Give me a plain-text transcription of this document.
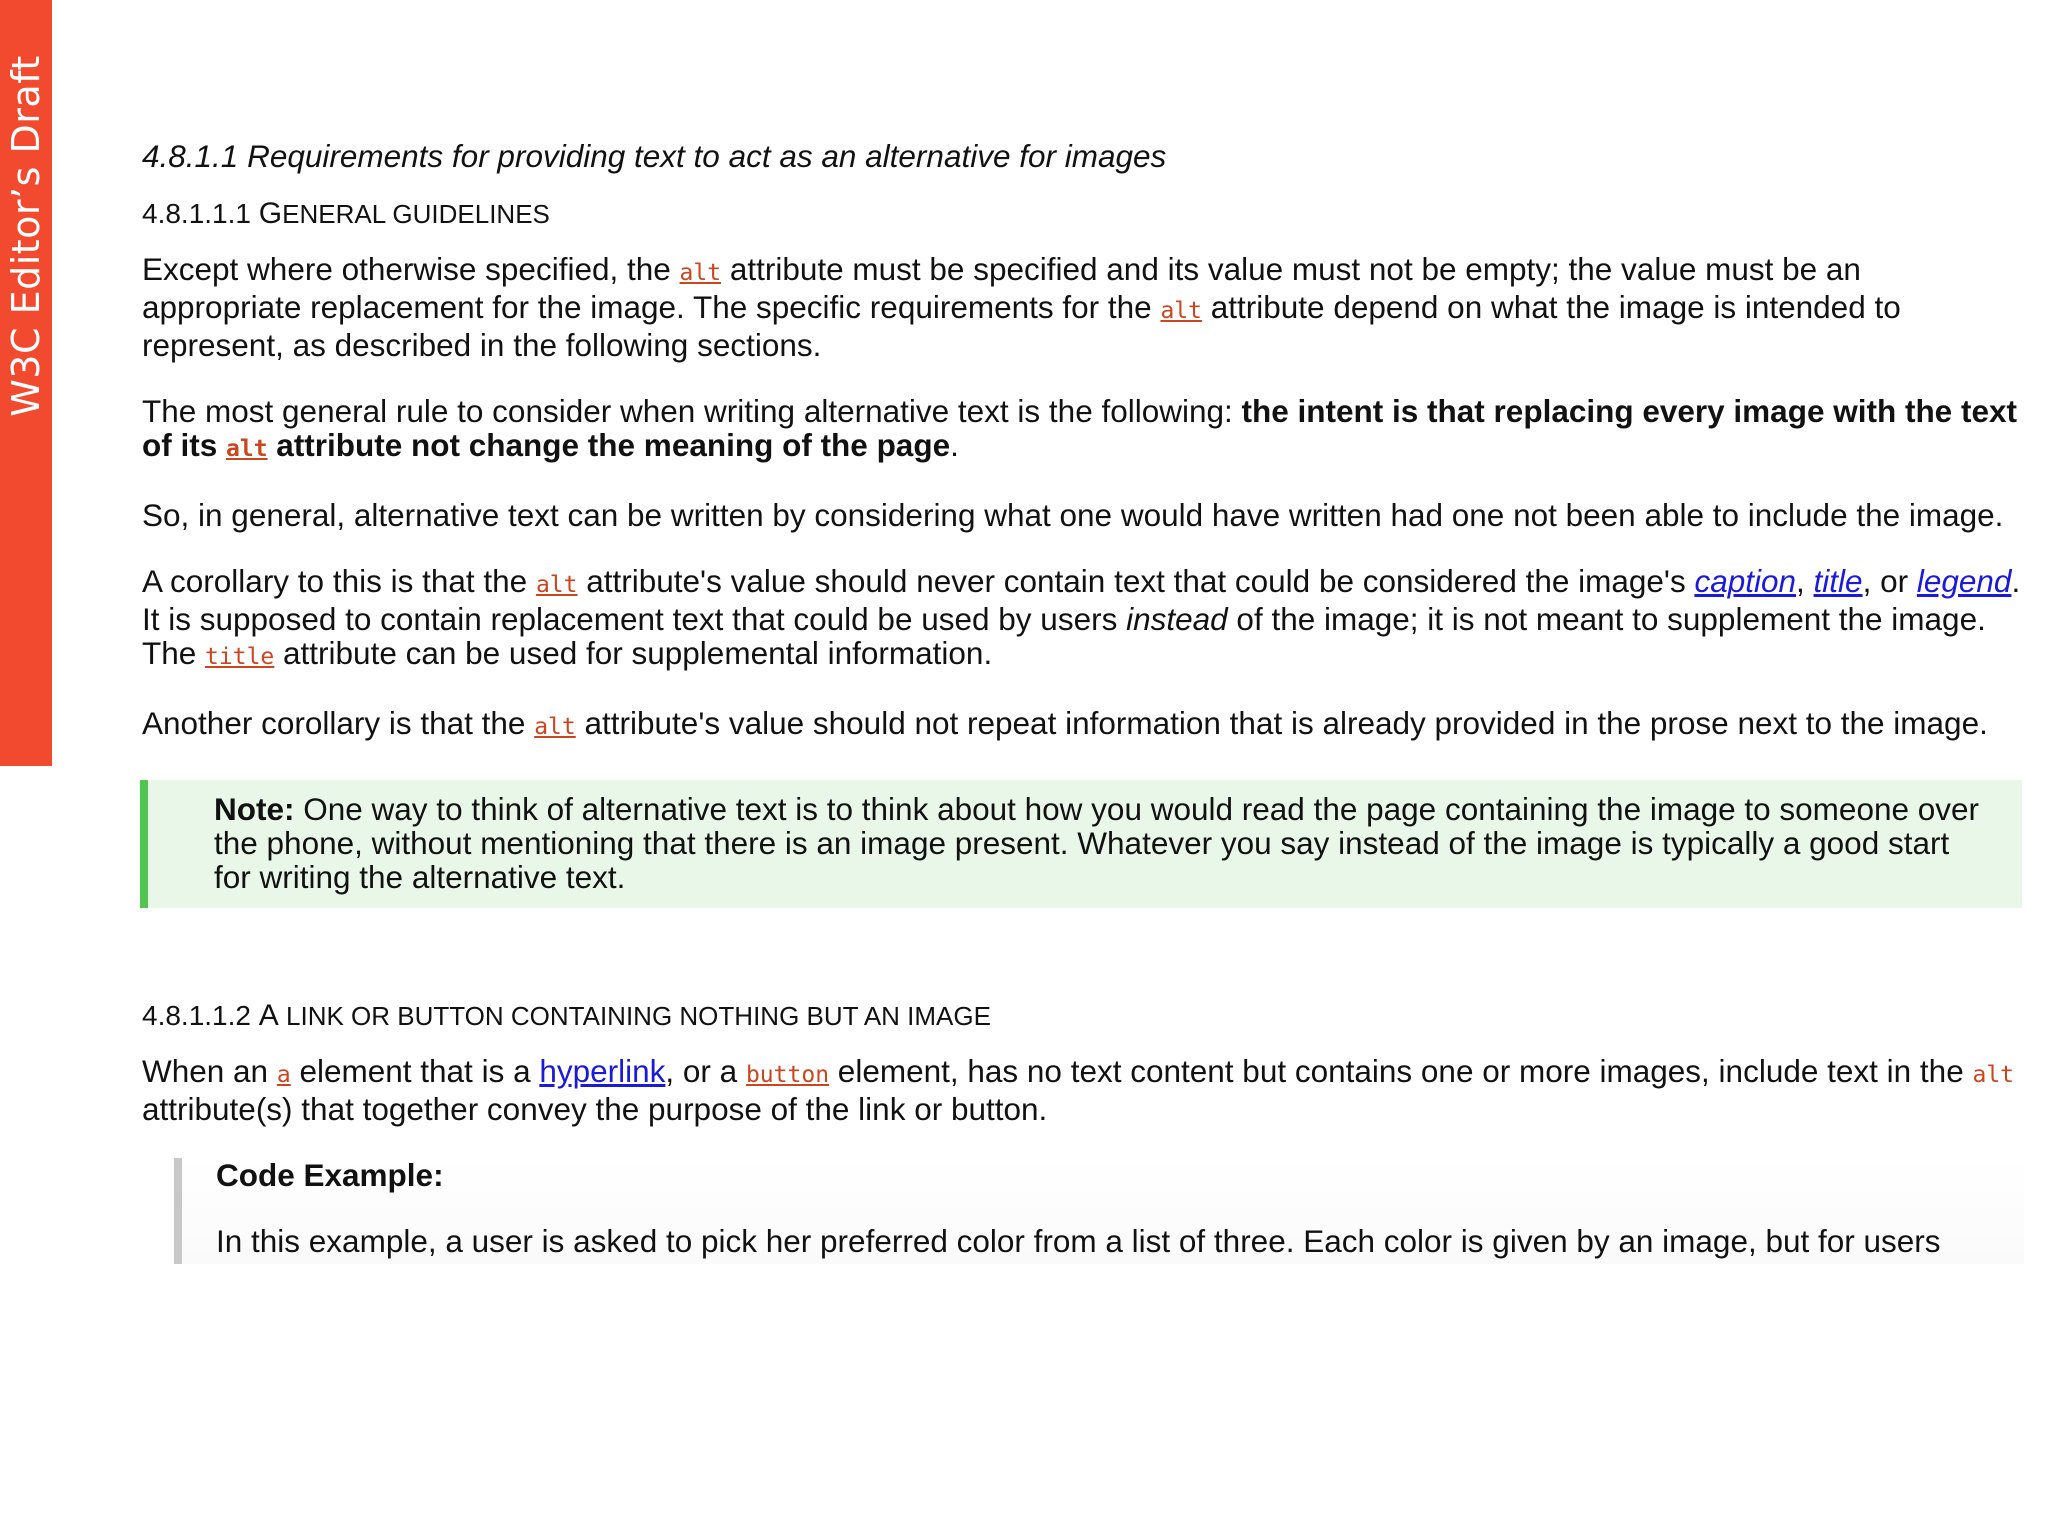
W3C Editor’s Draft	4.8.1.1 Requirements for providing text to act as an alternative for images
4.8.1.1.1 GENERAL GUIDELINES

Except where otherwise specified, the alt attribute must be specified and its value must not be empty; the value must be an appropriate replacement for the image. The specific requirements for the alt attribute depend on what the image is intended to represent, as described in the following sections.

The most general rule to consider when writing alternative text is the following: the intent is that replacing every image with the text of its alt attribute not change the meaning of the page.

So, in general, alternative text can be written by considering what one would have written had one not been able to include the image.

A corollary to this is that the alt attribute's value should never contain text that could be considered the image's caption, title, or legend. It is supposed to contain replacement text that could be used by users instead of the image; it is not meant to supplement the image. The title attribute can be used for supplemental information.

Another corollary is that the alt attribute's value should not repeat information that is already provided in the prose next to the image.

Note: One way to think of alternative text is to think about how you would read the page containing the image to someone over the phone, without mentioning that there is an image present. Whatever you say instead of the image is typically a good start for writing the alternative text.

4.8.1.1.2 A LINK OR BUTTON CONTAINING NOTHING BUT AN IMAGE

When an a element that is a hyperlink, or a button element, has no text content but contains one or more images, include text in the alt attribute(s) that together convey the purpose of the link or button.

Code Example:

In this example, a user is asked to pick her preferred color from a list of three. Each color is given by an image, but for users
